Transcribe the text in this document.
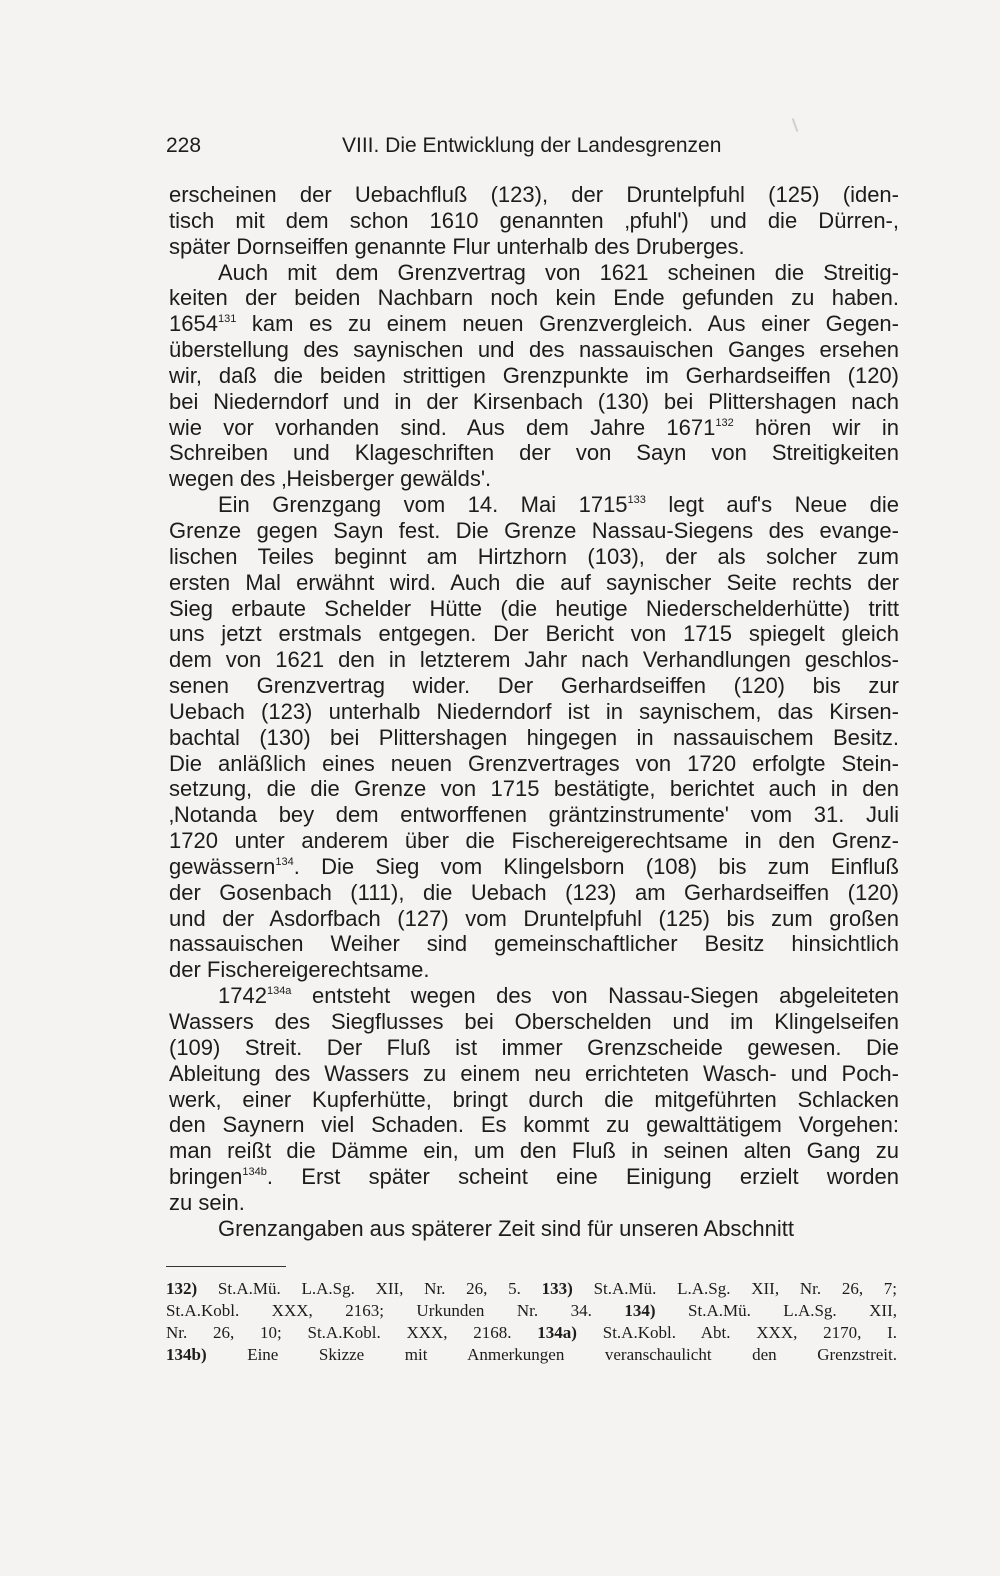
228	VIII. Die Entwicklung der Landesgrenzen
erscheinen der Uebachfluß (123), der Druntelpfuhl (125) (iden-
tisch mit dem schon 1610 genannten ‚pfuhl') und die Dürren-,
später Dornseiffen genannte Flur unterhalb des Druberges.
Auch mit dem Grenzvertrag von 1621 scheinen die Streitig-
keiten der beiden Nachbarn noch kein Ende gefunden zu haben.
1654$^{131}$ kam es zu einem neuen Grenzvergleich. Aus einer Gegen-
überstellung des saynischen und des nassauischen Ganges ersehen
wir, daß die beiden strittigen Grenzpunkte im Gerhardseiffen (120)
bei Niederndorf und in der Kirsenbach (130) bei Plittershagen nach
wie vor vorhanden sind. Aus dem Jahre 1671$^{132}$ hören wir in
Schreiben und Klageschriften der von Sayn von Streitigkeiten
wegen des ‚Heisberger gewälds'.
Ein Grenzgang vom 14. Mai 1715$^{133}$ legt auf's Neue die
Grenze gegen Sayn fest. Die Grenze Nassau-Siegens des evange-
lischen Teiles beginnt am Hirtzhorn (103), der als solcher zum
ersten Mal erwähnt wird. Auch die auf saynischer Seite rechts der
Sieg erbaute Schelder Hütte (die heutige Niederschelderhütte) tritt
uns jetzt erstmals entgegen. Der Bericht von 1715 spiegelt gleich
dem von 1621 den in letzterem Jahr nach Verhandlungen geschlos-
senen Grenzvertrag wider. Der Gerhardseiffen (120) bis zur
Uebach (123) unterhalb Niederndorf ist in saynischem, das Kirsen-
bachtal (130) bei Plittershagen hingegen in nassauischem Besitz.
Die anläßlich eines neuen Grenzvertrages von 1720 erfolgte Stein-
setzung, die die Grenze von 1715 bestätigte, berichtet auch in den
‚Notanda bey dem entworffenen gräntzinstrumente' vom 31. Juli
1720 unter anderem über die Fischereigerechtsame in den Grenz-
gewässern$^{134}$. Die Sieg vom Klingelsborn (108) bis zum Einfluß
der Gosenbach (111), die Uebach (123) am Gerhardseiffen (120)
und der Asdorfbach (127) vom Druntelpfuhl (125) bis zum großen
nassauischen Weiher sind gemeinschaftlicher Besitz hinsichtlich
der Fischereigerechtsame.
$1742^{134a}$ entsteht wegen des von Nassau-Siegen abgeleiteten
Wassers des Siegflusses bei Oberschelden und im Klingelseifen
(109) Streit. Der Fluß ist immer Grenzscheide gewesen. Die
Ableitung des Wassers zu einem neu errichteten Wasch- und Poch-
werk, einer Kupferhütte, bringt durch die mitgeführten Schlacken
den Saynern viel Schaden. Es kommt zu gewalttätigem Vorgehen:
man reißt die Dämme ein, um den Fluß in seinen alten Gang zu
bringen$^{134b}$. Erst später scheint eine Einigung erzielt worden
zu sein.
Grenzangaben aus späterer Zeit sind für unseren Abschnitt
132) St.A.Mü. L.A.Sg. XII, Nr. 26, 5. 133) St.A.Mü. L.A.Sg. XII, Nr. 26, 7;
St.A.Kobl. XXX, 2163; Urkunden Nr. 34. 134) St.A.Mü. L.A.Sg. XII,
Nr. 26, 10; St.A.Kobl. XXX, 2168. 134a) St.A.Kobl. Abt. XXX, 2170, I.
134b) Eine Skizze mit Anmerkungen veranschaulicht den Grenzstreit.
